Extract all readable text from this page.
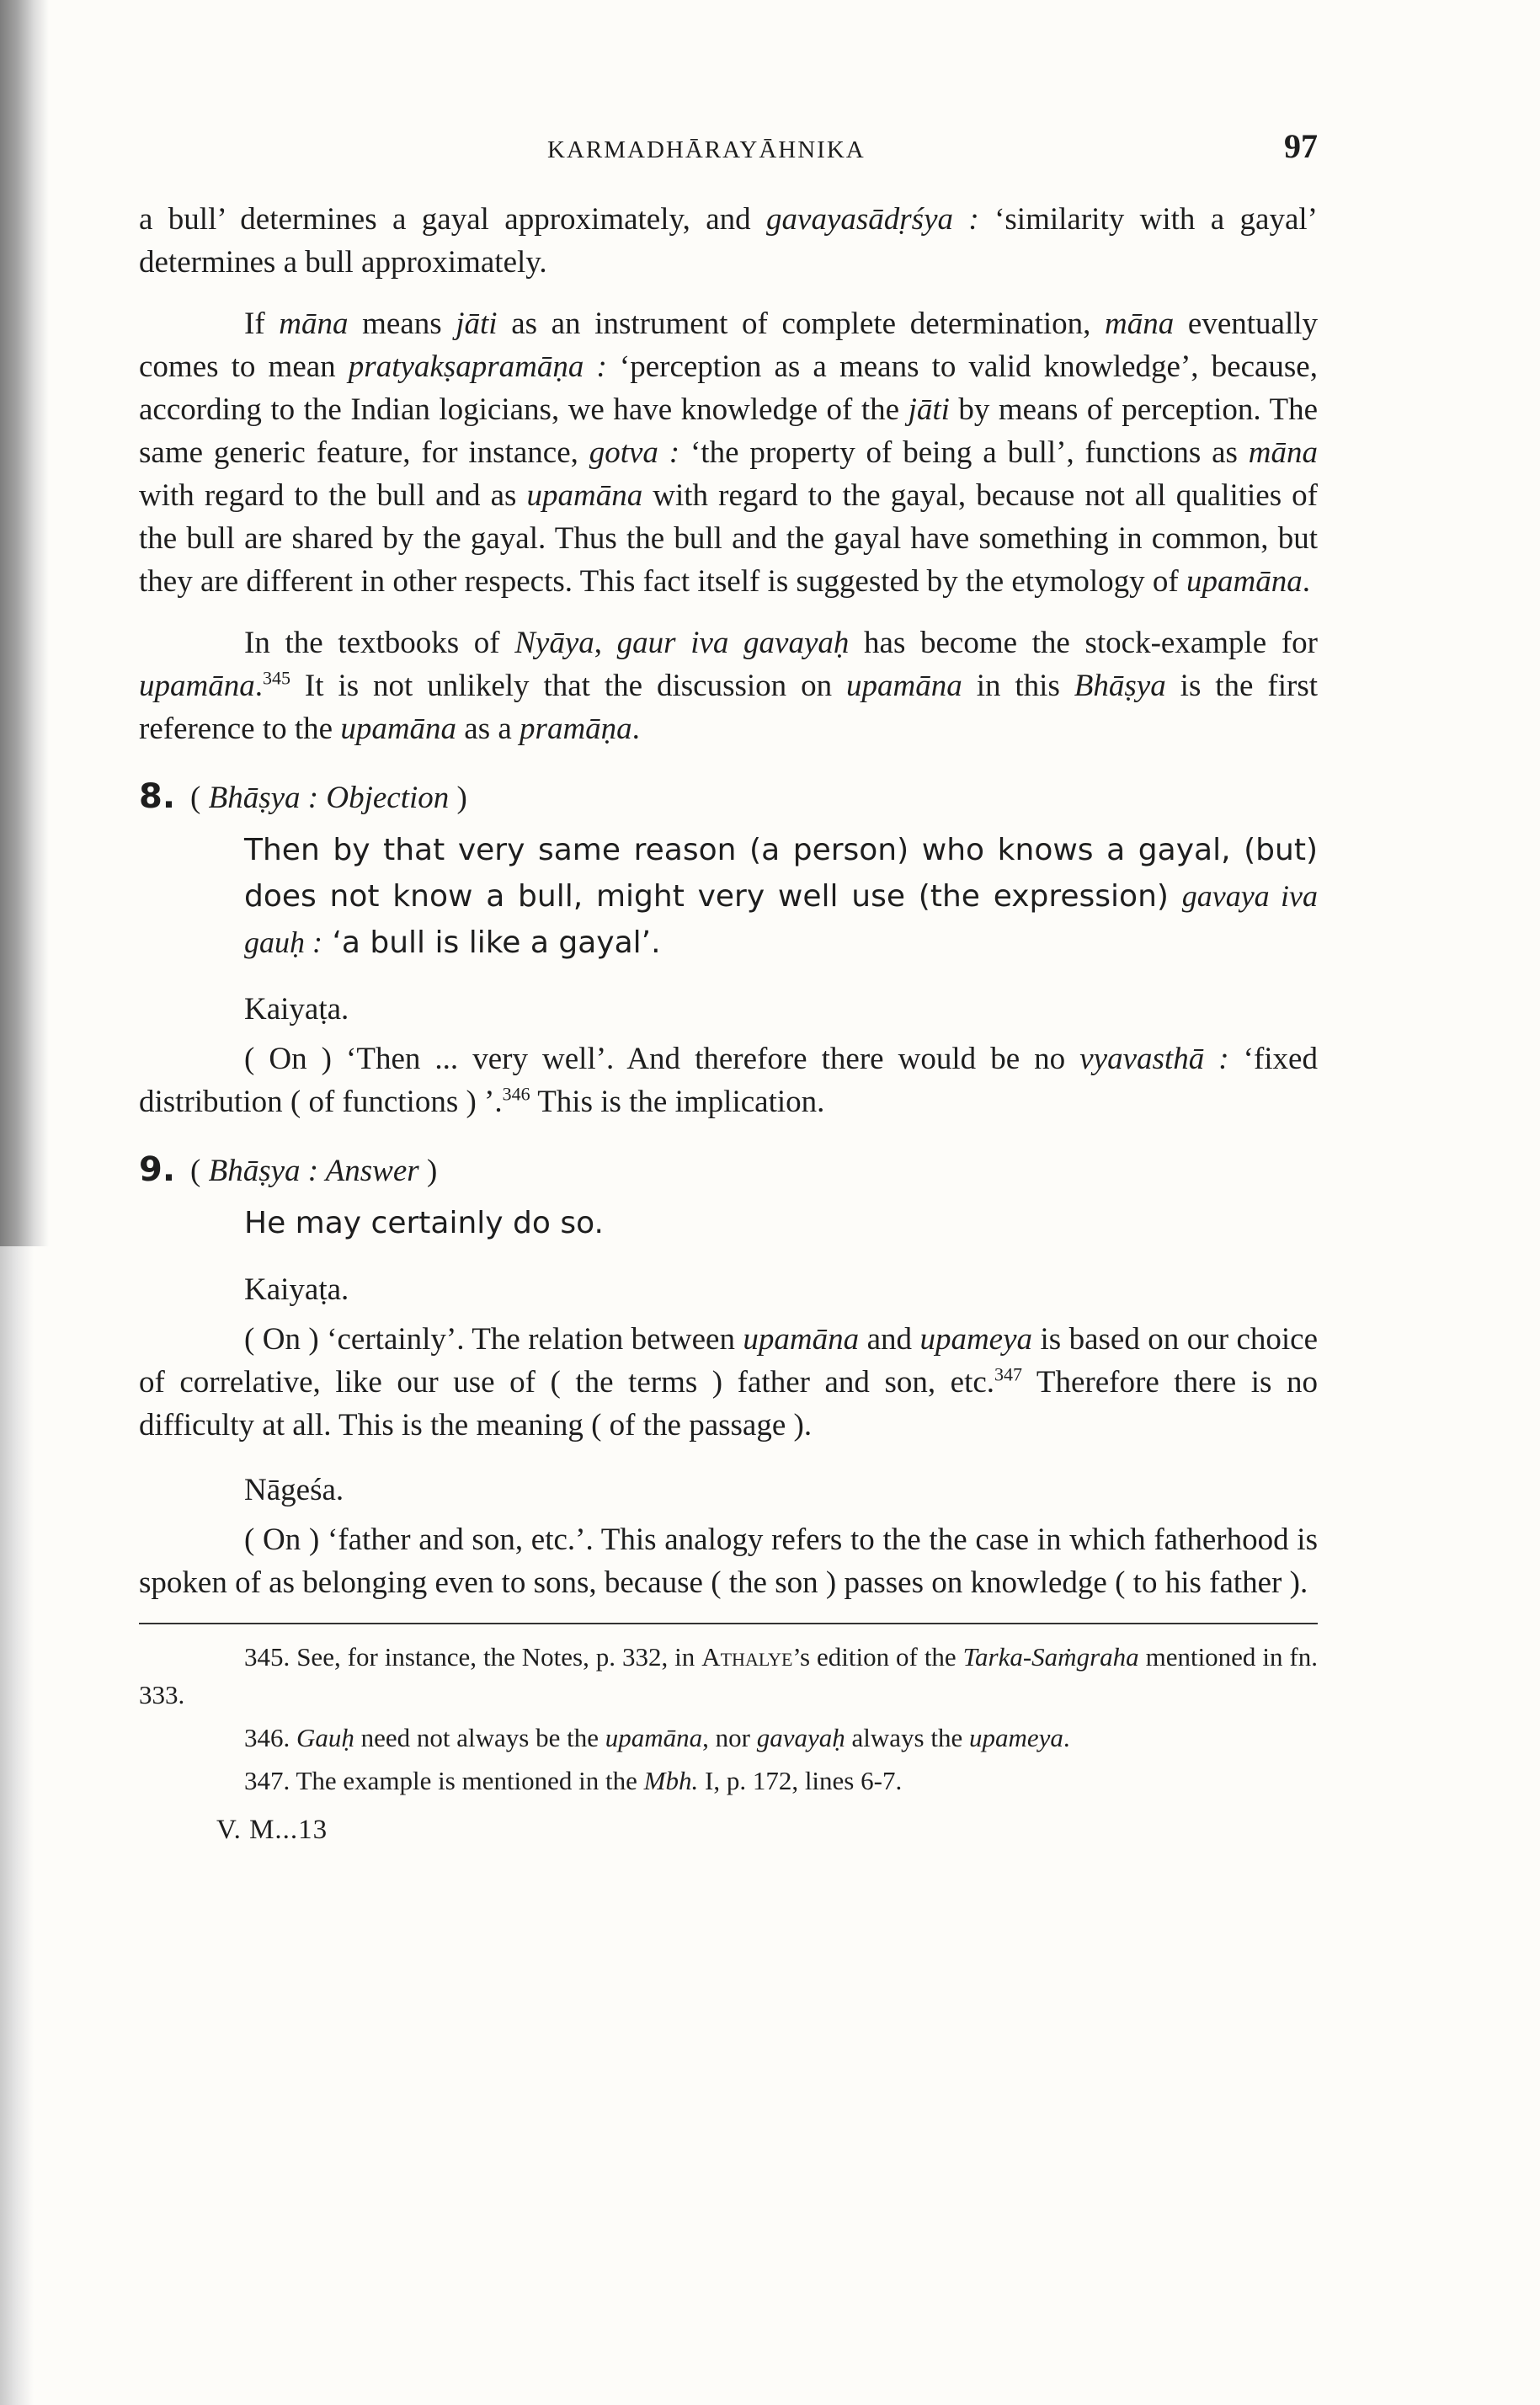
KARMADHĀRAYĀHNIKA	97

a bull’ determines a gayal approximately, and gavayasādṛśya : ‘similarity with a gayal’ determines a bull approximately.

If māna means jāti as an instrument of complete determination, māna eventually comes to mean pratyakṣapramāṇa : ‘perception as a means to valid knowledge’, because, according to the Indian logicians, we have knowledge of the jāti by means of perception. The same generic feature, for instance, gotva : ‘the property of being a bull’, functions as māna with regard to the bull and as upamāna with regard to the gayal, because not all qualities of the bull are shared by the gayal. Thus the bull and the gayal have something in common, but they are different in other respects. This fact itself is suggested by the etymology of upamāna.

In the textbooks of Nyāya, gaur iva gavayaḥ has become the stock-example for upamāna.$^{345}$ It is not unlikely that the discussion on upamāna in this Bhāṣya is the first reference to the upamāna as a pramāṇa.

8. ( Bhāṣya : Objection )

Then by that very same reason (a person) who knows a gayal, (but) does not know a bull, might very well use (the expression) gavaya iva gauḥ : ‘a bull is like a gayal’.

Kaiyaṭa.

( On ) ‘Then ... very well’. And therefore there would be no vyavasthā : ‘fixed distribution ( of functions ) ’.$^{346}$ This is the implication.

9. ( Bhāṣya : Answer )

He may certainly do so.

Kaiyaṭa.

( On ) ‘certainly’. The relation between upamāna and upameya is based on our choice of correlative, like our use of ( the terms ) father and son, etc.$^{347}$ Therefore there is no difficulty at all. This is the meaning ( of the passage ).

Nāgeśa.

( On ) ‘father and son, etc.’. This analogy refers to the the case in which fatherhood is spoken of as belonging even to sons, because ( the son ) passes on knowledge ( to his father ).

345. See, for instance, the Notes, p. 332, in Athalye’s edition of the Tarka-Saṁgraha mentioned in fn. 333.

346. Gauḥ need not always be the upamāna, nor gavayaḥ always the upameya.

347. The example is mentioned in the Mbh. I, p. 172, lines 6-7.

V. M...13
